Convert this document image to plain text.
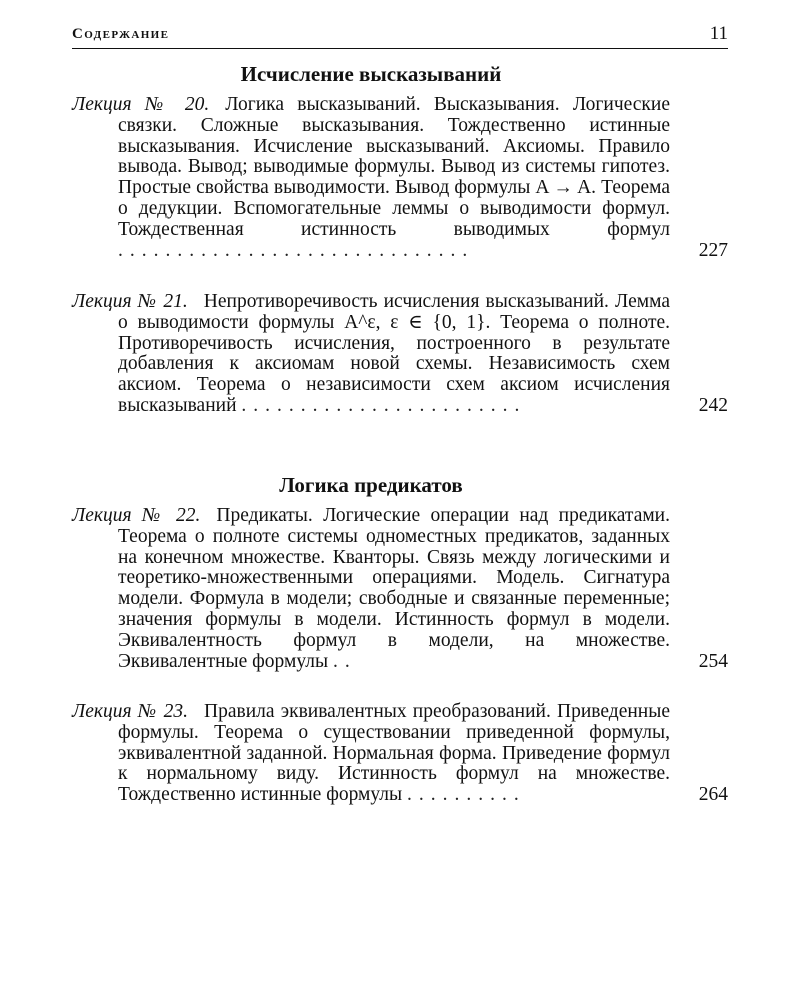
Содержание	11
Исчисление высказываний
Лекция № 20. Логика высказываний. Высказывания. Логические связки. Сложные высказывания. Тождественно истинные высказывания. Исчисление высказываний. Аксиомы. Правило вывода. Вывод; выводимые формулы. Вывод из системы гипотез. Простые свойства выводимости. Вывод формулы A → A. Теорема о дедукции. Вспомогательные леммы о выводимости формул. Тождественная истинность выводимых формул ..............................	227
Лекция № 21. Непротиворечивость исчисления высказываний. Лемма о выводимости формулы A^ε, ε ∈ {0, 1}. Теорема о полноте. Противоречивость исчисления, построенного в результате добавления к аксиомам новой схемы. Независимость схем аксиом. Теорема о независимости схем аксиом исчисления высказываний ........................	242
Логика предикатов
Лекция № 22. Предикаты. Логические операции над предикатами. Теорема о полноте системы одноместных предикатов, заданных на конечном множестве. Кванторы. Связь между логическими и теоретико-множественными операциями. Модель. Сигнатура модели. Формула в модели; свободные и связанные переменные; значения формулы в модели. Истинность формул в модели. Эквивалентность формул в модели, на множестве. Эквивалентные формулы ..	254
Лекция № 23. Правила эквивалентных преобразований. Приведенные формулы. Теорема о существовании приведенной формулы, эквивалентной заданной. Нормальная форма. Приведение формул к нормальному виду. Истинность формул на множестве. Тождественно истинные формулы ..........	264
